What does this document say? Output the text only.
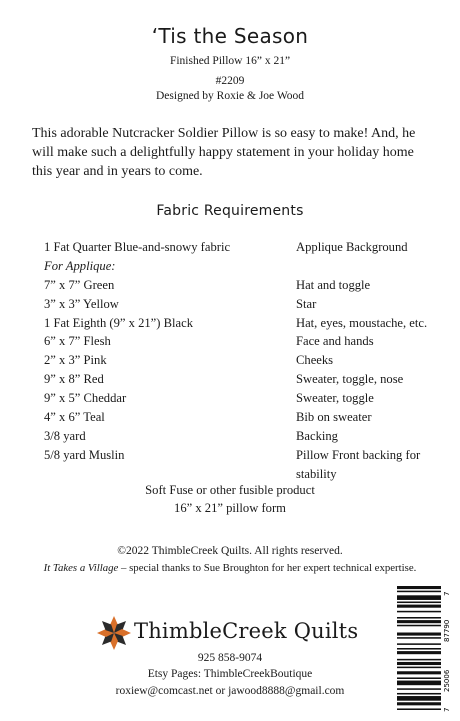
‘Tis the Season
Finished Pillow 16” x 21”
#2209
Designed by Roxie & Joe Wood
This adorable Nutcracker Soldier Pillow is so easy to make! And, he will make such a delightfully happy statement in your holiday home this year and in years to come.
Fabric Requirements
1 Fat Quarter Blue-and-snowy fabric	Applique Background
For Applique:
7” x 7” Green	Hat and toggle
3” x 3” Yellow	Star
1 Fat Eighth (9” x 21”) Black	Hat, eyes, moustache, etc.
6” x 7” Flesh	Face and hands
2” x 3” Pink	Cheeks
9” x 8” Red	Sweater, toggle, nose
9” x 5” Cheddar	Sweater, toggle
4” x 6” Teal	Bib on sweater
3/8 yard	Backing
5/8 yard Muslin	Pillow Front backing for
stability
Soft Fuse or other fusible product
16” x 21” pillow form
©2022 ThimbleCreek Quilts. All rights reserved.
It Takes a Village – special thanks to Sue Broughton for her expert technical expertise.
ThimbleCreek Quilts
925 858-9074
Etsy Pages: ThimbleCreekBoutique
roxiew@comcast.net or jawood8888@gmail.com
7
87790
25006
7
